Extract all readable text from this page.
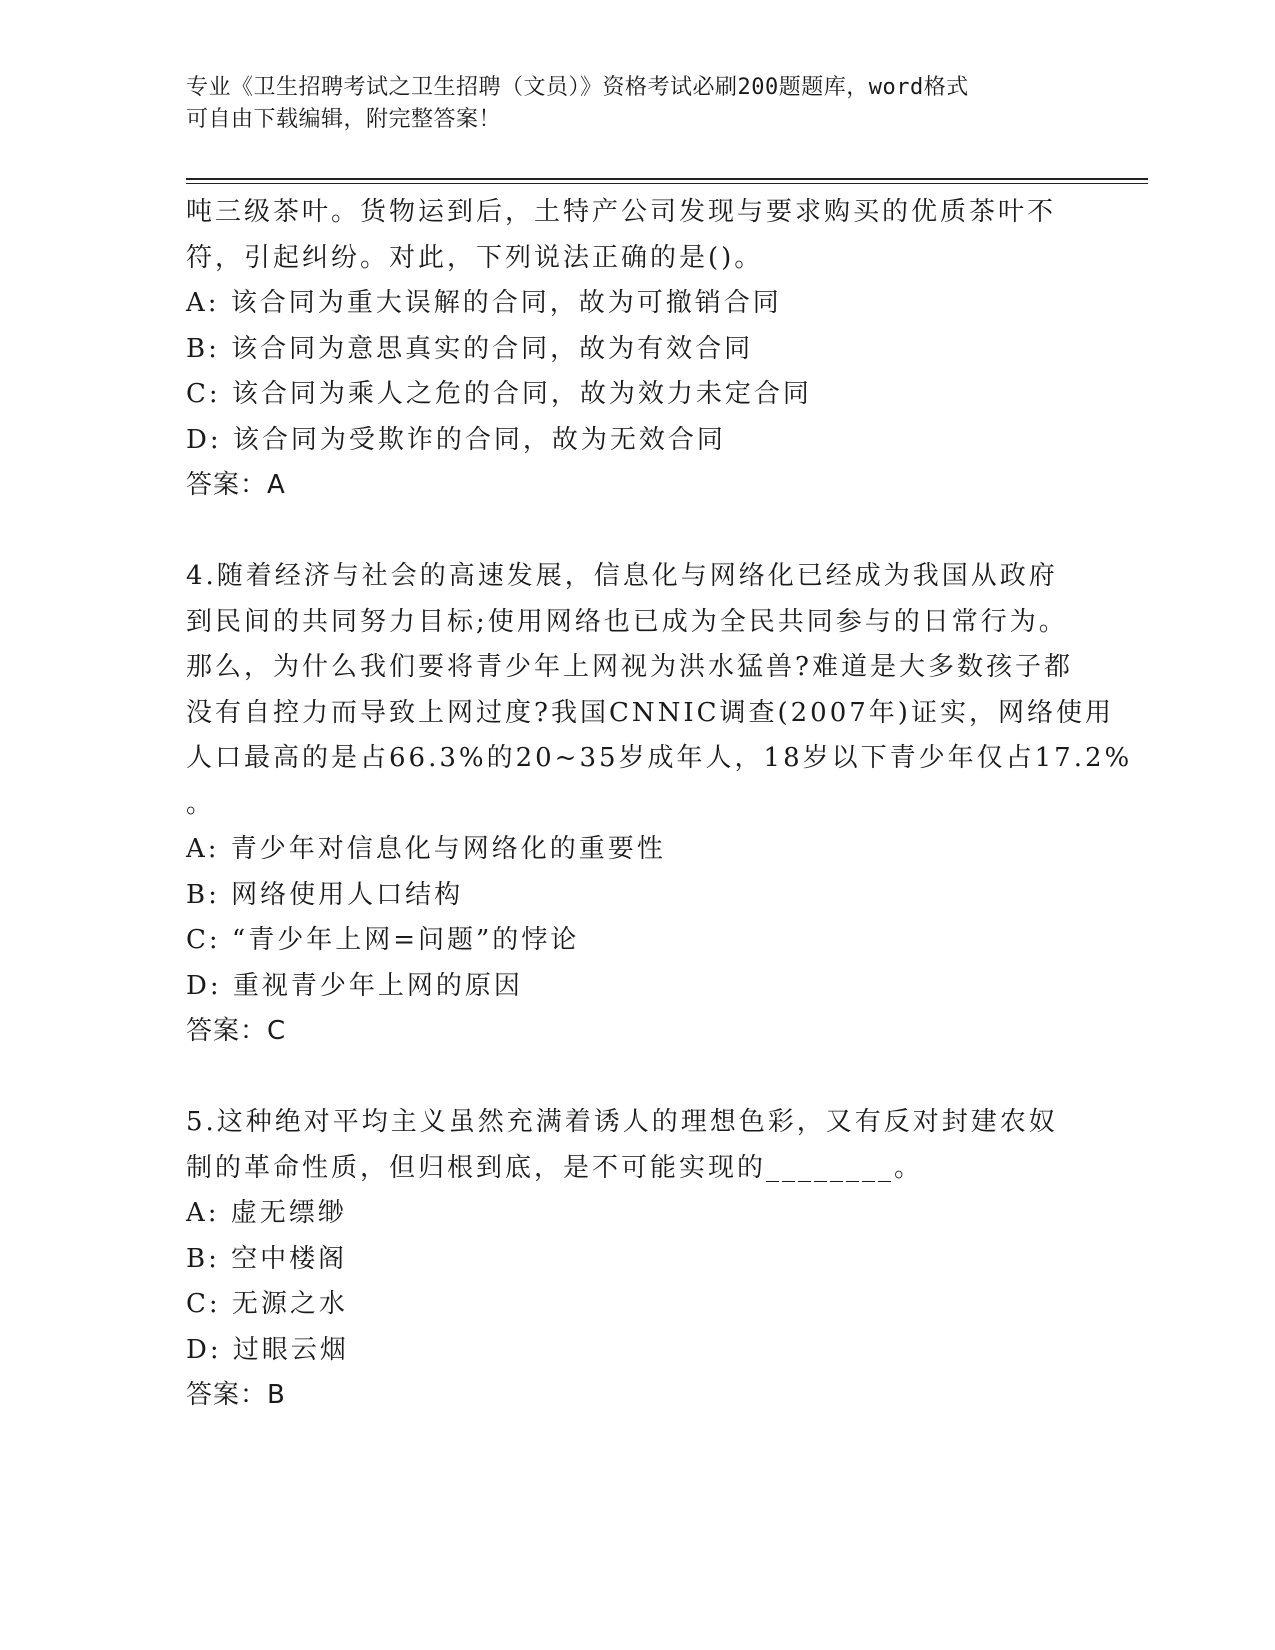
专业《卫生招聘考试之卫生招聘（文员）》资格考试必刷200题题库，word格式
可自由下载编辑，附完整答案！
吨三级茶叶。货物运到后，土特产公司发现与要求购买的优质茶叶不
符，引起纠纷。对此，下列说法正确的是()。
A: 该合同为重大误解的合同，故为可撤销合同
B: 该合同为意思真实的合同，故为有效合同
C: 该合同为乘人之危的合同，故为效力未定合同
D: 该合同为受欺诈的合同，故为无效合同
答案：A
4.随着经济与社会的高速发展，信息化与网络化已经成为我国从政府
到民间的共同努力目标;使用网络也已成为全民共同参与的日常行为。
那么，为什么我们要将青少年上网视为洪水猛兽?难道是大多数孩子都
没有自控力而导致上网过度?我国CNNIC调查(2007年)证实，网络使用
人口最高的是占66.3%的20~35岁成年人，18岁以下青少年仅占17.2%
。
A: 青少年对信息化与网络化的重要性
B: 网络使用人口结构
C: “青少年上网=问题”的悖论
D: 重视青少年上网的原因
答案：C
5.这种绝对平均主义虽然充满着诱人的理想色彩，又有反对封建农奴
制的革命性质，但归根到底，是不可能实现的________。
A: 虚无缥缈
B: 空中楼阁
C: 无源之水
D: 过眼云烟
答案：B
